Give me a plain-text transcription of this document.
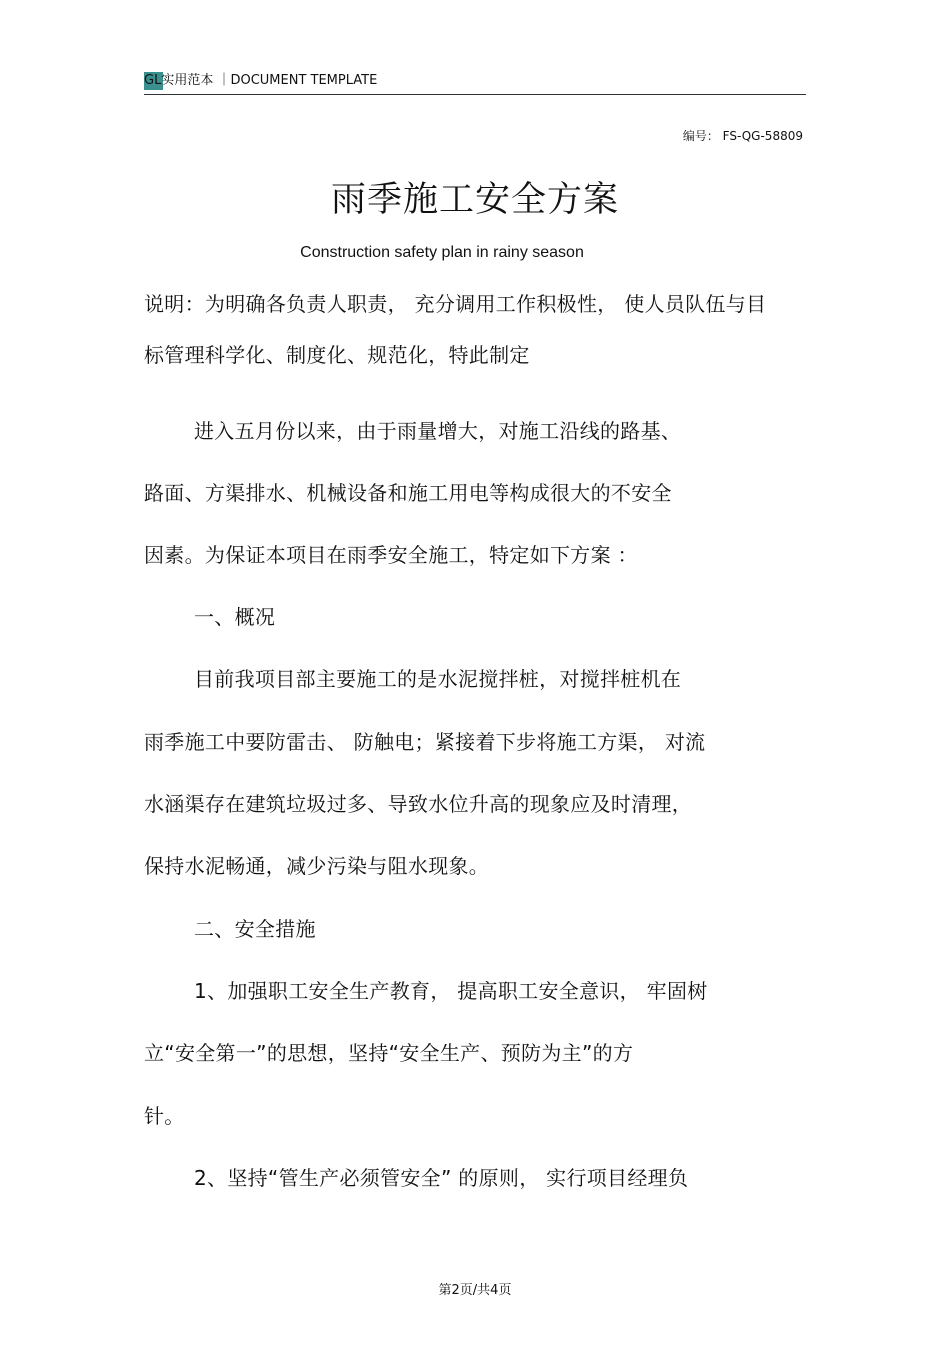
GL实用范本 ｜DOCUMENT TEMPLATE
编号： FS-QG-58809
雨季施工安全方案
Construction safety plan in rainy season
说明：为明确各负责人职责， 充分调用工作积极性， 使人员队伍与目
标管理科学化、制度化、规范化，特此制定
进入五月份以来，由于雨量增大，对施工沿线的路基、
路面、方渠排水、机械设备和施工用电等构成很大的不安全
因素。为保证本项目在雨季安全施工，特定如下方案 ：
一、概况
目前我项目部主要施工的是水泥搅拌桩，对搅拌桩机在
雨季施工中要防雷击、 防触电；紧接着下步将施工方渠， 对流
水涵渠存在建筑垃圾过多、导致水位升高的现象应及时清理，
保持水泥畅通，减少污染与阻水现象。
二、安全措施
1、加强职工安全生产教育， 提高职工安全意识， 牢固树
立“安全第一”的思想，坚持“安全生产、预防为主”的方
针。
2、坚持“管生产必须管安全” 的原则， 实行项目经理负
第2页/共4页
